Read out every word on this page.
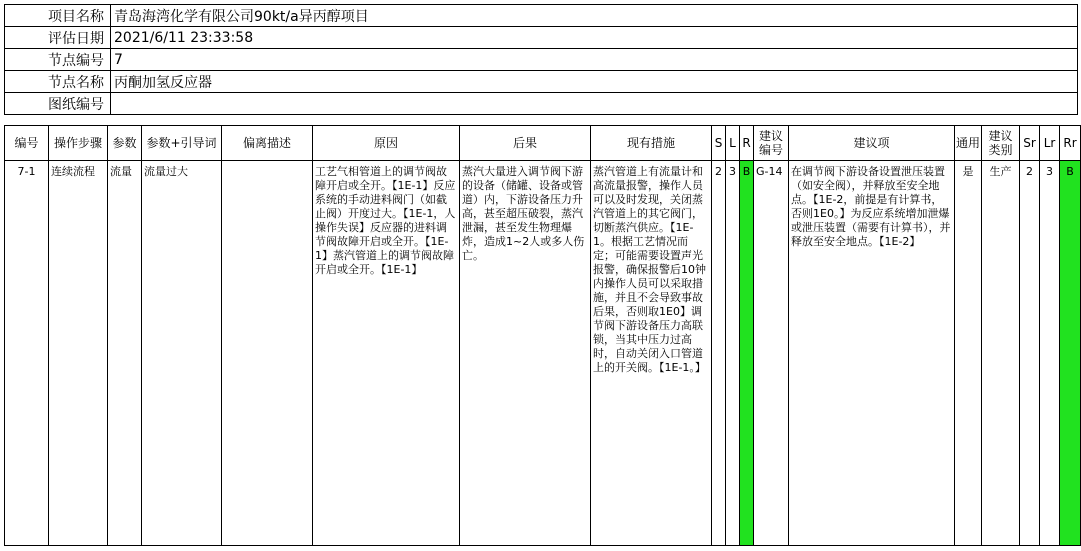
项目名称	青岛海湾化学有限公司90kt/a异丙醇项目
评估日期	2021/6/11 23:33:58
节点编号	7
节点名称	丙酮加氢反应器
图纸编号	
编号	操作步骤	参数	参数+引导词	偏离描述	原因	后果	现有措施	S	L	R	建议编号	建议项	通用	建议类别	Sr	Lr	Rr
7-1	连续流程	流量	流量过大		工艺气相管道上的调节阀故障开启或全开。【1E-1】反应系统的手动进料阀门（如截止阀）开度过大。【1E-1，人操作失误】反应器的进料调节阀故障开启或全开。【1E-1】蒸汽管道上的调节阀故障开启或全开。【1E-1】	蒸汽大量进入调节阀下游的设备（储罐、设备或管道）内，下游设备压力升高，甚至超压破裂，蒸汽泄漏，甚至发生物理爆炸，造成1~2人或多人伤亡。	蒸汽管道上有流量计和高流量报警，操作人员可以及时发现，关闭蒸汽管道上的其它阀门，切断蒸汽供应。【1E-1。根据工艺情况而定；可能需要设置声光报警，确保报警后10钟内操作人员可以采取措施，并且不会导致事故后果，否则取1E0】调节阀下游设备压力高联锁，当其中压力过高时，自动关闭入口管道上的开关阀。【1E-1。】	2	3	B	G-14	在调节阀下游设备设置泄压装置（如安全阀），并释放至安全地点。【1E-2，前提是有计算书，否则1E0。】为反应系统增加泄爆或泄压装置（需要有计算书），并释放至安全地点。【1E-2】	是	生产	2	3	B
